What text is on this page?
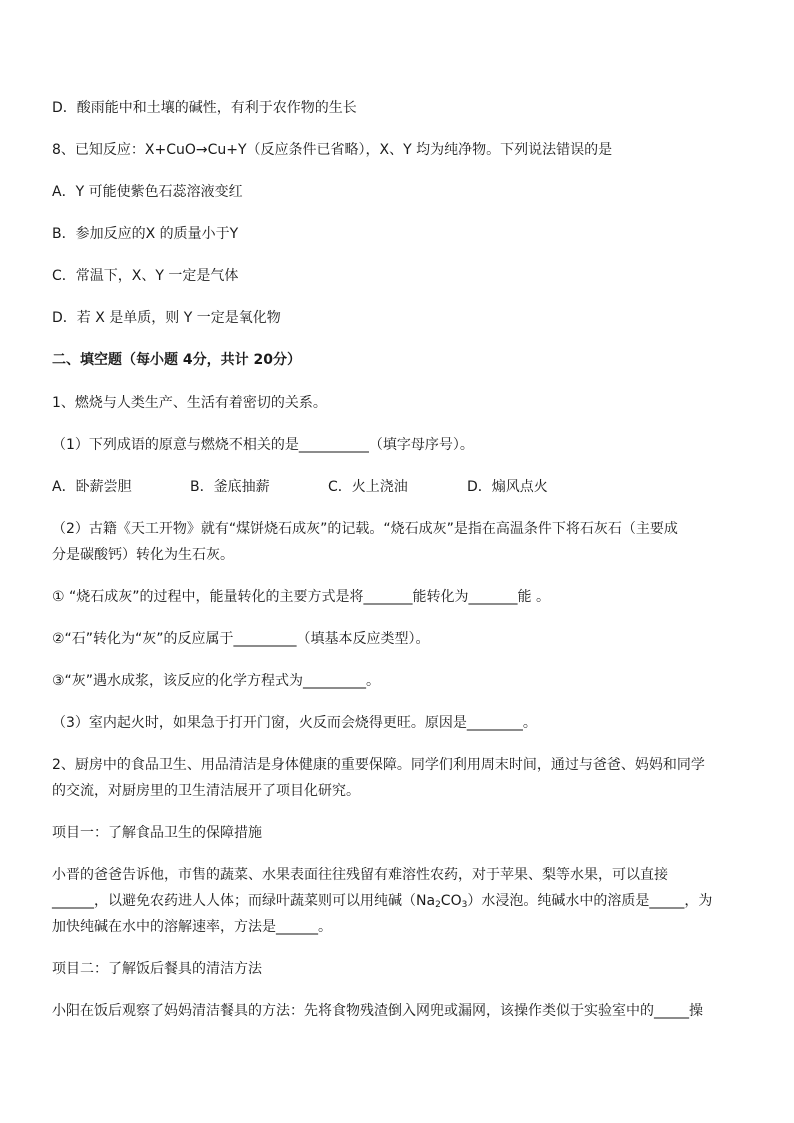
D．酸雨能中和土壤的碱性，有利于农作物的生长
8、已知反应：X+CuO→Cu+Y（反应条件已省略），X、Y 均为纯净物。下列说法错误的是
A．Y 可能使紫色石蕊溶液变红
B．参加反应的X 的质量小于Y
C．常温下，X、Y 一定是气体
D．若 X 是单质，则 Y 一定是氧化物
二、填空题（每小题 4分，共计 20分）
1、燃烧与人类生产、生活有着密切的关系。
（1）下列成语的原意与燃烧不相关的是__________（填字母序号）。
A．卧薪尝胆	B．釜底抽薪	C．火上浇油	D．煽风点火
（2）古籍《天工开物》就有“煤饼烧石成灰”的记载。“烧石成灰”是指在高温条件下将石灰石（主要成
分是碳酸钙）转化为生石灰。
① “烧石成灰”的过程中，能量转化的主要方式是将_______能转化为_______能 。
②“石”转化为“灰”的反应属于_________（填基本反应类型）。
③“灰”遇水成浆，该反应的化学方程式为_________。
（3）室内起火时，如果急于打开门窗，火反而会烧得更旺。原因是________。
2、厨房中的食品卫生、用品清洁是身体健康的重要保障。同学们利用周末时间，通过与爸爸、妈妈和同学
的交流，对厨房里的卫生清洁展开了项目化研究。
项目一：了解食品卫生的保障措施
小晋的爸爸告诉他，市售的蔬菜、水果表面往往残留有难溶性农药，对于苹果、梨等水果，可以直接
______，以避免农药进人人体；而绿叶蔬菜则可以用纯碱$(Na_2CO_3)$水浸泡。纯碱水中的溶质是_____，为
加快纯碱在水中的溶解速率，方法是______。
项目二：了解饭后餐具的清洁方法
小阳在饭后观察了妈妈清洁餐具的方法：先将食物残渣倒入网兜或漏网，该操作类似于实验室中的_____操
